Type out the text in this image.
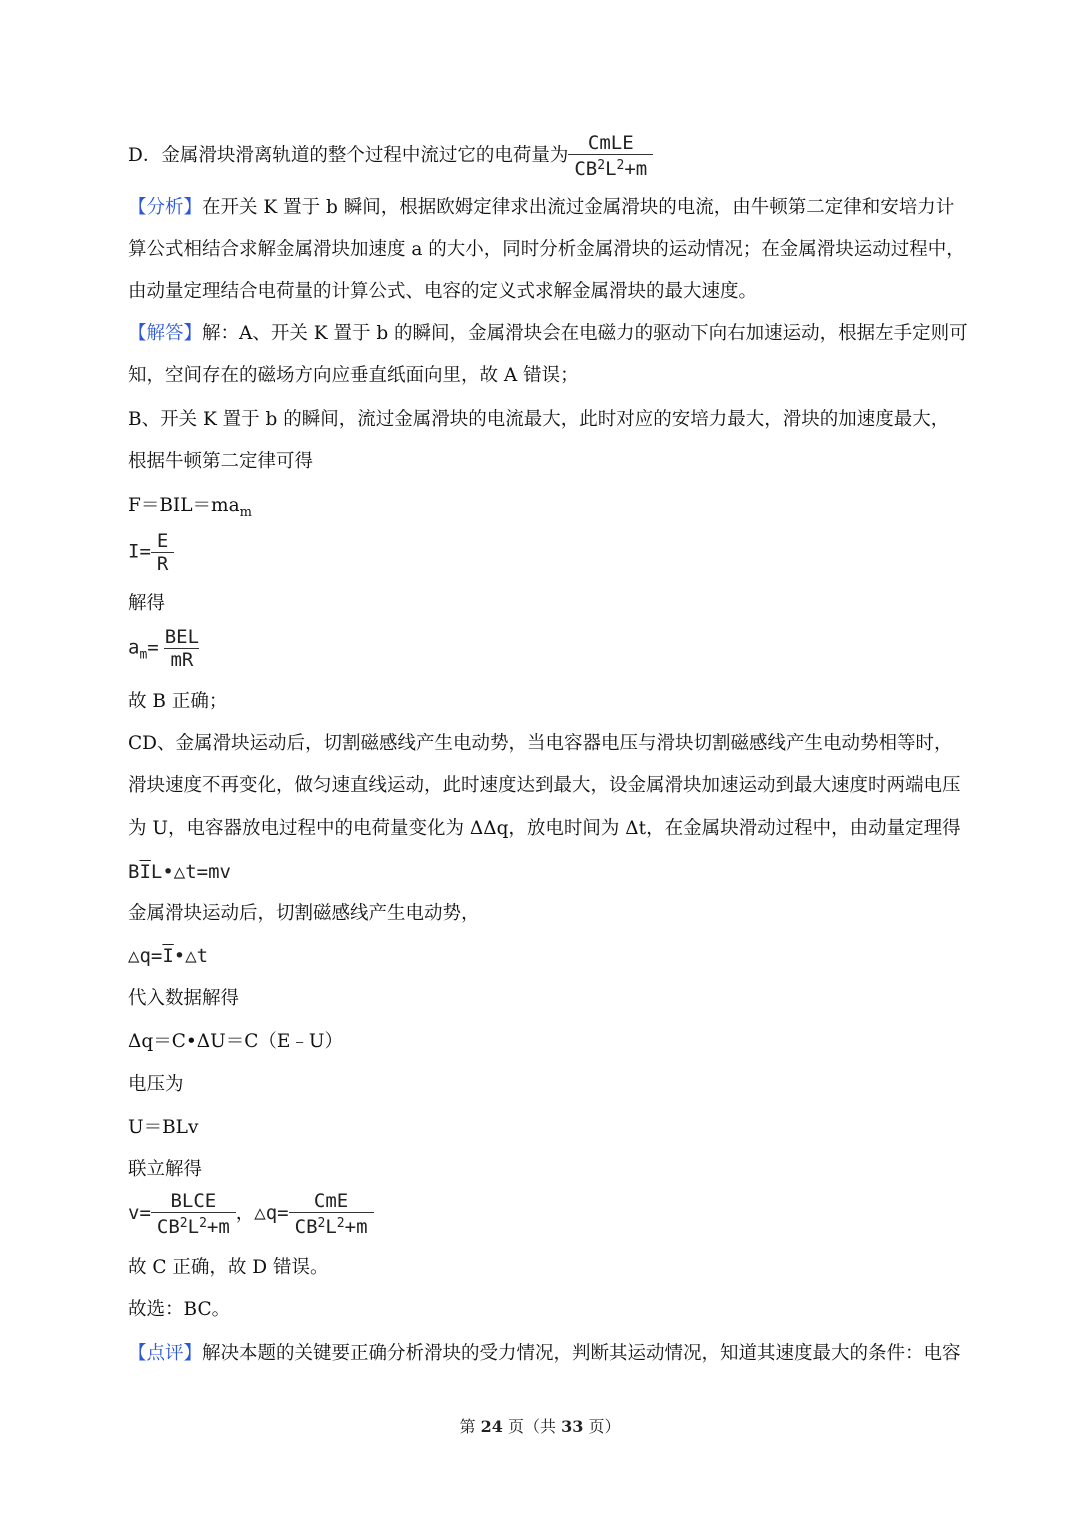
D．金属滑块滑离轨道的整个过程中流过它的电荷量为 $\frac{\text{CmLE}}{CB^2L^2+m}$
【分析】在开关 K 置于 b 瞬间，根据欧姆定律求出流过金属滑块的电流，由牛顿第二定律和安培力计
算公式相结合求解金属滑块加速度 a 的大小，同时分析金属滑块的运动情况；在金属滑块运动过程中，
由动量定理结合电荷量的计算公式、电容的定义式求解金属滑块的最大速度。
【解答】解：A、开关 K 置于 b 的瞬间，金属滑块会在电磁力的驱动下向右加速运动，根据左手定则可
知，空间存在的磁场方向应垂直纸面向里，故 A 错误；
B、开关 K 置于 b 的瞬间，流过金属滑块的电流最大，此时对应的安培力最大，滑块的加速度最大，
根据牛顿第二定律可得
$F=BIL=ma_m$
$I= \frac{E}{R}$
解得
$a_m= \frac{\text{BEL}}{mR}$
故 B 正确；
CD、金属滑块运动后，切割磁感线产生电动势，当电容器电压与滑块切割磁感线产生电动势相等时，
滑块速度不再变化，做匀速直线运动，此时速度达到最大，设金属滑块加速运动到最大速度时两端电压
为 U，电容器放电过程中的电荷量变化为 ΔΔq，放电时间为 Δt，在金属块滑动过程中，由动量定理得
$B\overline{I}L•\triangle t=mv$
金属滑块运动后，切割磁感线产生电动势，
$\triangle q=\overline{I}•\triangle t$
代入数据解得
Δq＝C•ΔU＝C（E﹣U）
电压为
U＝BLv
联立解得
$v= \frac{\text{BLCE}}{CB^2L^2+m}$ ，△q= $\frac{\text{CmE}}{CB^2L^2+m}$
故 C 正确，故 D 错误。
故选：BC。
【点评】解决本题的关键要正确分析滑块的受力情况，判断其运动情况，知道其速度最大的条件：电容
第 24 页（共 33 页）
